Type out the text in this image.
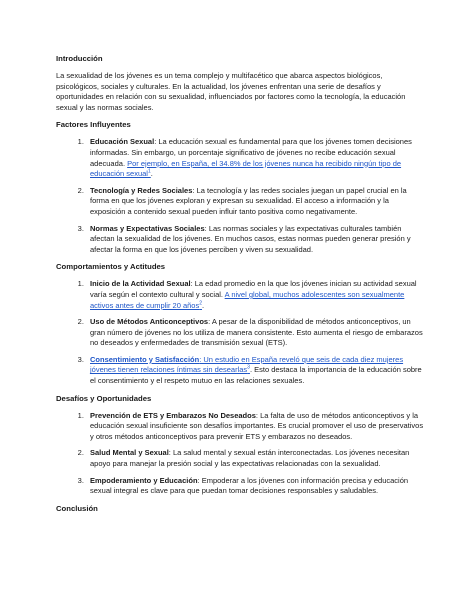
Introducción

La sexualidad de los jóvenes es un tema complejo y multifacético que abarca aspectos biológicos, psicológicos, sociales y culturales. En la actualidad, los jóvenes enfrentan una serie de desafíos y oportunidades en relación con su sexualidad, influenciados por factores como la tecnología, la educación sexual y las normas sociales.

Factores Influyentes
1. Educación Sexual: La educación sexual es fundamental para que los jóvenes tomen decisiones informadas. Sin embargo, un porcentaje significativo de jóvenes no recibe educación sexual adecuada. Por ejemplo, en España, el 34.8% de los jóvenes nunca ha recibido ningún tipo de educación sexual$^1$.
2. Tecnología y Redes Sociales: La tecnología y las redes sociales juegan un papel crucial en la forma en que los jóvenes exploran y expresan su sexualidad. El acceso a información y la exposición a contenido sexual pueden influir tanto positiva como negativamente.
3. Normas y Expectativas Sociales: Las normas sociales y las expectativas culturales también afectan la sexualidad de los jóvenes. En muchos casos, estas normas pueden generar presión y afectar la forma en que los jóvenes perciben y viven su sexualidad.
Comportamientos y Actitudes
1. Inicio de la Actividad Sexual: La edad promedio en la que los jóvenes inician su actividad sexual varía según el contexto cultural y social. A nivel global, muchos adolescentes son sexualmente activos antes de cumplir 20 años$^2$.
2. Uso de Métodos Anticonceptivos: A pesar de la disponibilidad de métodos anticonceptivos, un gran número de jóvenes no los utiliza de manera consistente. Esto aumenta el riesgo de embarazos no deseados y enfermedades de transmisión sexual (ETS).
3. Consentimiento y Satisfacción: Un estudio en España reveló que seis de cada diez mujeres jóvenes tienen relaciones íntimas sin desearlas$^3$. Esto destaca la importancia de la educación sobre el consentimiento y el respeto mutuo en las relaciones sexuales.
Desafíos y Oportunidades
1. Prevención de ETS y Embarazos No Deseados: La falta de uso de métodos anticonceptivos y la educación sexual insuficiente son desafíos importantes. Es crucial promover el uso de preservativos y otros métodos anticonceptivos para prevenir ETS y embarazos no deseados.
2. Salud Mental y Sexual: La salud mental y sexual están interconectadas. Los jóvenes necesitan apoyo para manejar la presión social y las expectativas relacionadas con la sexualidad.
3. Empoderamiento y Educación: Empoderar a los jóvenes con información precisa y educación sexual integral es clave para que puedan tomar decisiones responsables y saludables.
Conclusión
